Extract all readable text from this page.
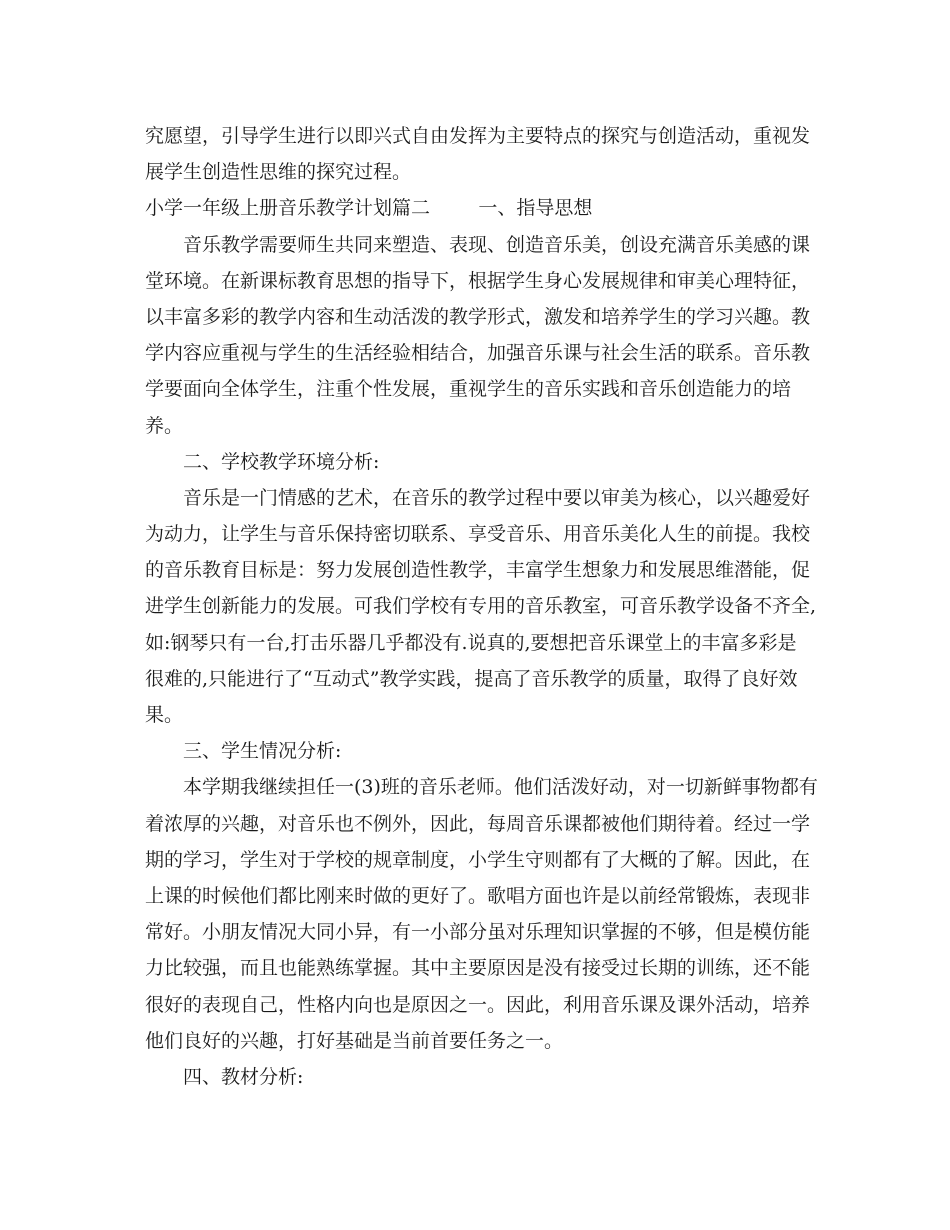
究愿望，引导学生进行以即兴式自由发挥为主要特点的探究与创造活动，重视发
展学生创造性思维的探究过程。
小学一年级上册音乐教学计划篇二        一、指导思想
音乐教学需要师生共同来塑造、表现、创造音乐美，创设充满音乐美感的课
堂环境。在新课标教育思想的指导下，根据学生身心发展规律和审美心理特征，
以丰富多彩的教学内容和生动活泼的教学形式，激发和培养学生的学习兴趣。教
学内容应重视与学生的生活经验相结合，加强音乐课与社会生活的联系。音乐教
学要面向全体学生，注重个性发展，重视学生的音乐实践和音乐创造能力的培
养。
二、学校教学环境分析:
音乐是一门情感的艺术，在音乐的教学过程中要以审美为核心，以兴趣爱好
为动力，让学生与音乐保持密切联系、享受音乐、用音乐美化人生的前提。我校
的音乐教育目标是：努力发展创造性教学，丰富学生想象力和发展思维潜能，促
进学生创新能力的发展。可我们学校有专用的音乐教室，可音乐教学设备不齐全,
如:钢琴只有一台,打击乐器几乎都没有.说真的,要想把音乐课堂上的丰富多彩是
很难的,只能进行了“互动式”教学实践，提高了音乐教学的质量，取得了良好效
果。
三、学生情况分析:
本学期我继续担任一(3)班的音乐老师。他们活泼好动，对一切新鲜事物都有
着浓厚的兴趣，对音乐也不例外，因此，每周音乐课都被他们期待着。经过一学
期的学习，学生对于学校的规章制度，小学生守则都有了大概的了解。因此，在
上课的时候他们都比刚来时做的更好了。歌唱方面也许是以前经常锻炼，表现非
常好。小朋友情况大同小异，有一小部分虽对乐理知识掌握的不够，但是模仿能
力比较强，而且也能熟练掌握。其中主要原因是没有接受过长期的训练，还不能
很好的表现自己，性格内向也是原因之一。因此，利用音乐课及课外活动，培养
他们良好的兴趣，打好基础是当前首要任务之一。
四、教材分析:
